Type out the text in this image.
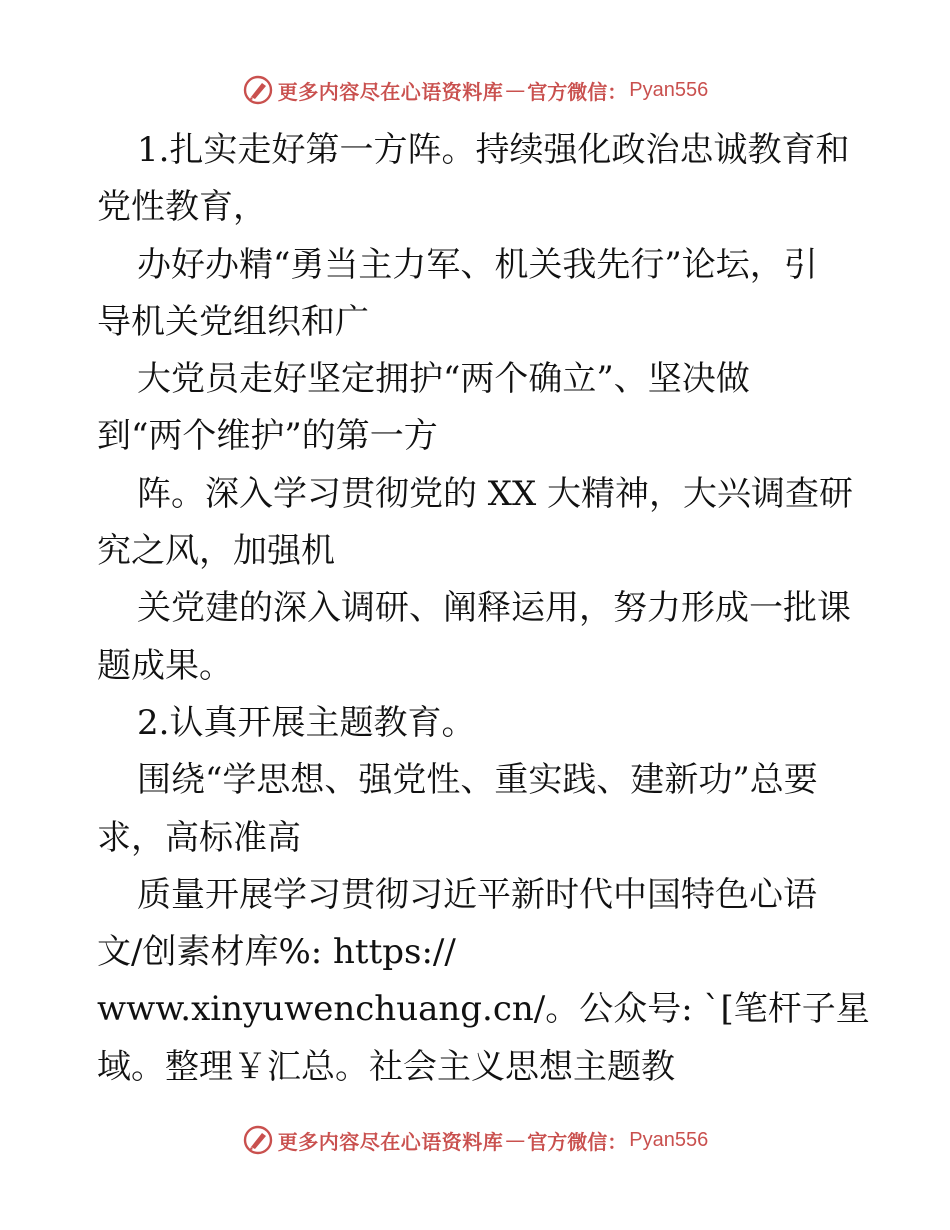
更多内容尽在心语资料库 — 官方微信： Pyan556
1.扎实走好第一方阵。持续强化政治忠诚教育和
党性教育，
办好办精“勇当主力军、机关我先行”论坛，引
导机关党组织和广
大党员走好坚定拥护“两个确立”、坚决做
到“两个维护”的第一方
阵。深入学习贯彻党的 XX 大精神，大兴调查研
究之风，加强机
关党建的深入调研、阐释运用，努力形成一批课
题成果。
2.认真开展主题教育。
围绕“学思想、强党性、重实践、建新功”总要
求，高标准高
质量开展学习贯彻习近平新时代中国特色心语
文/创素材库%: https://
www.xinyuwenchuang.cn/。公众号: `[笔杆子星
域。整理￥汇总。社会主义思想主题教
更多内容尽在心语资料库 — 官方微信： Pyan556
